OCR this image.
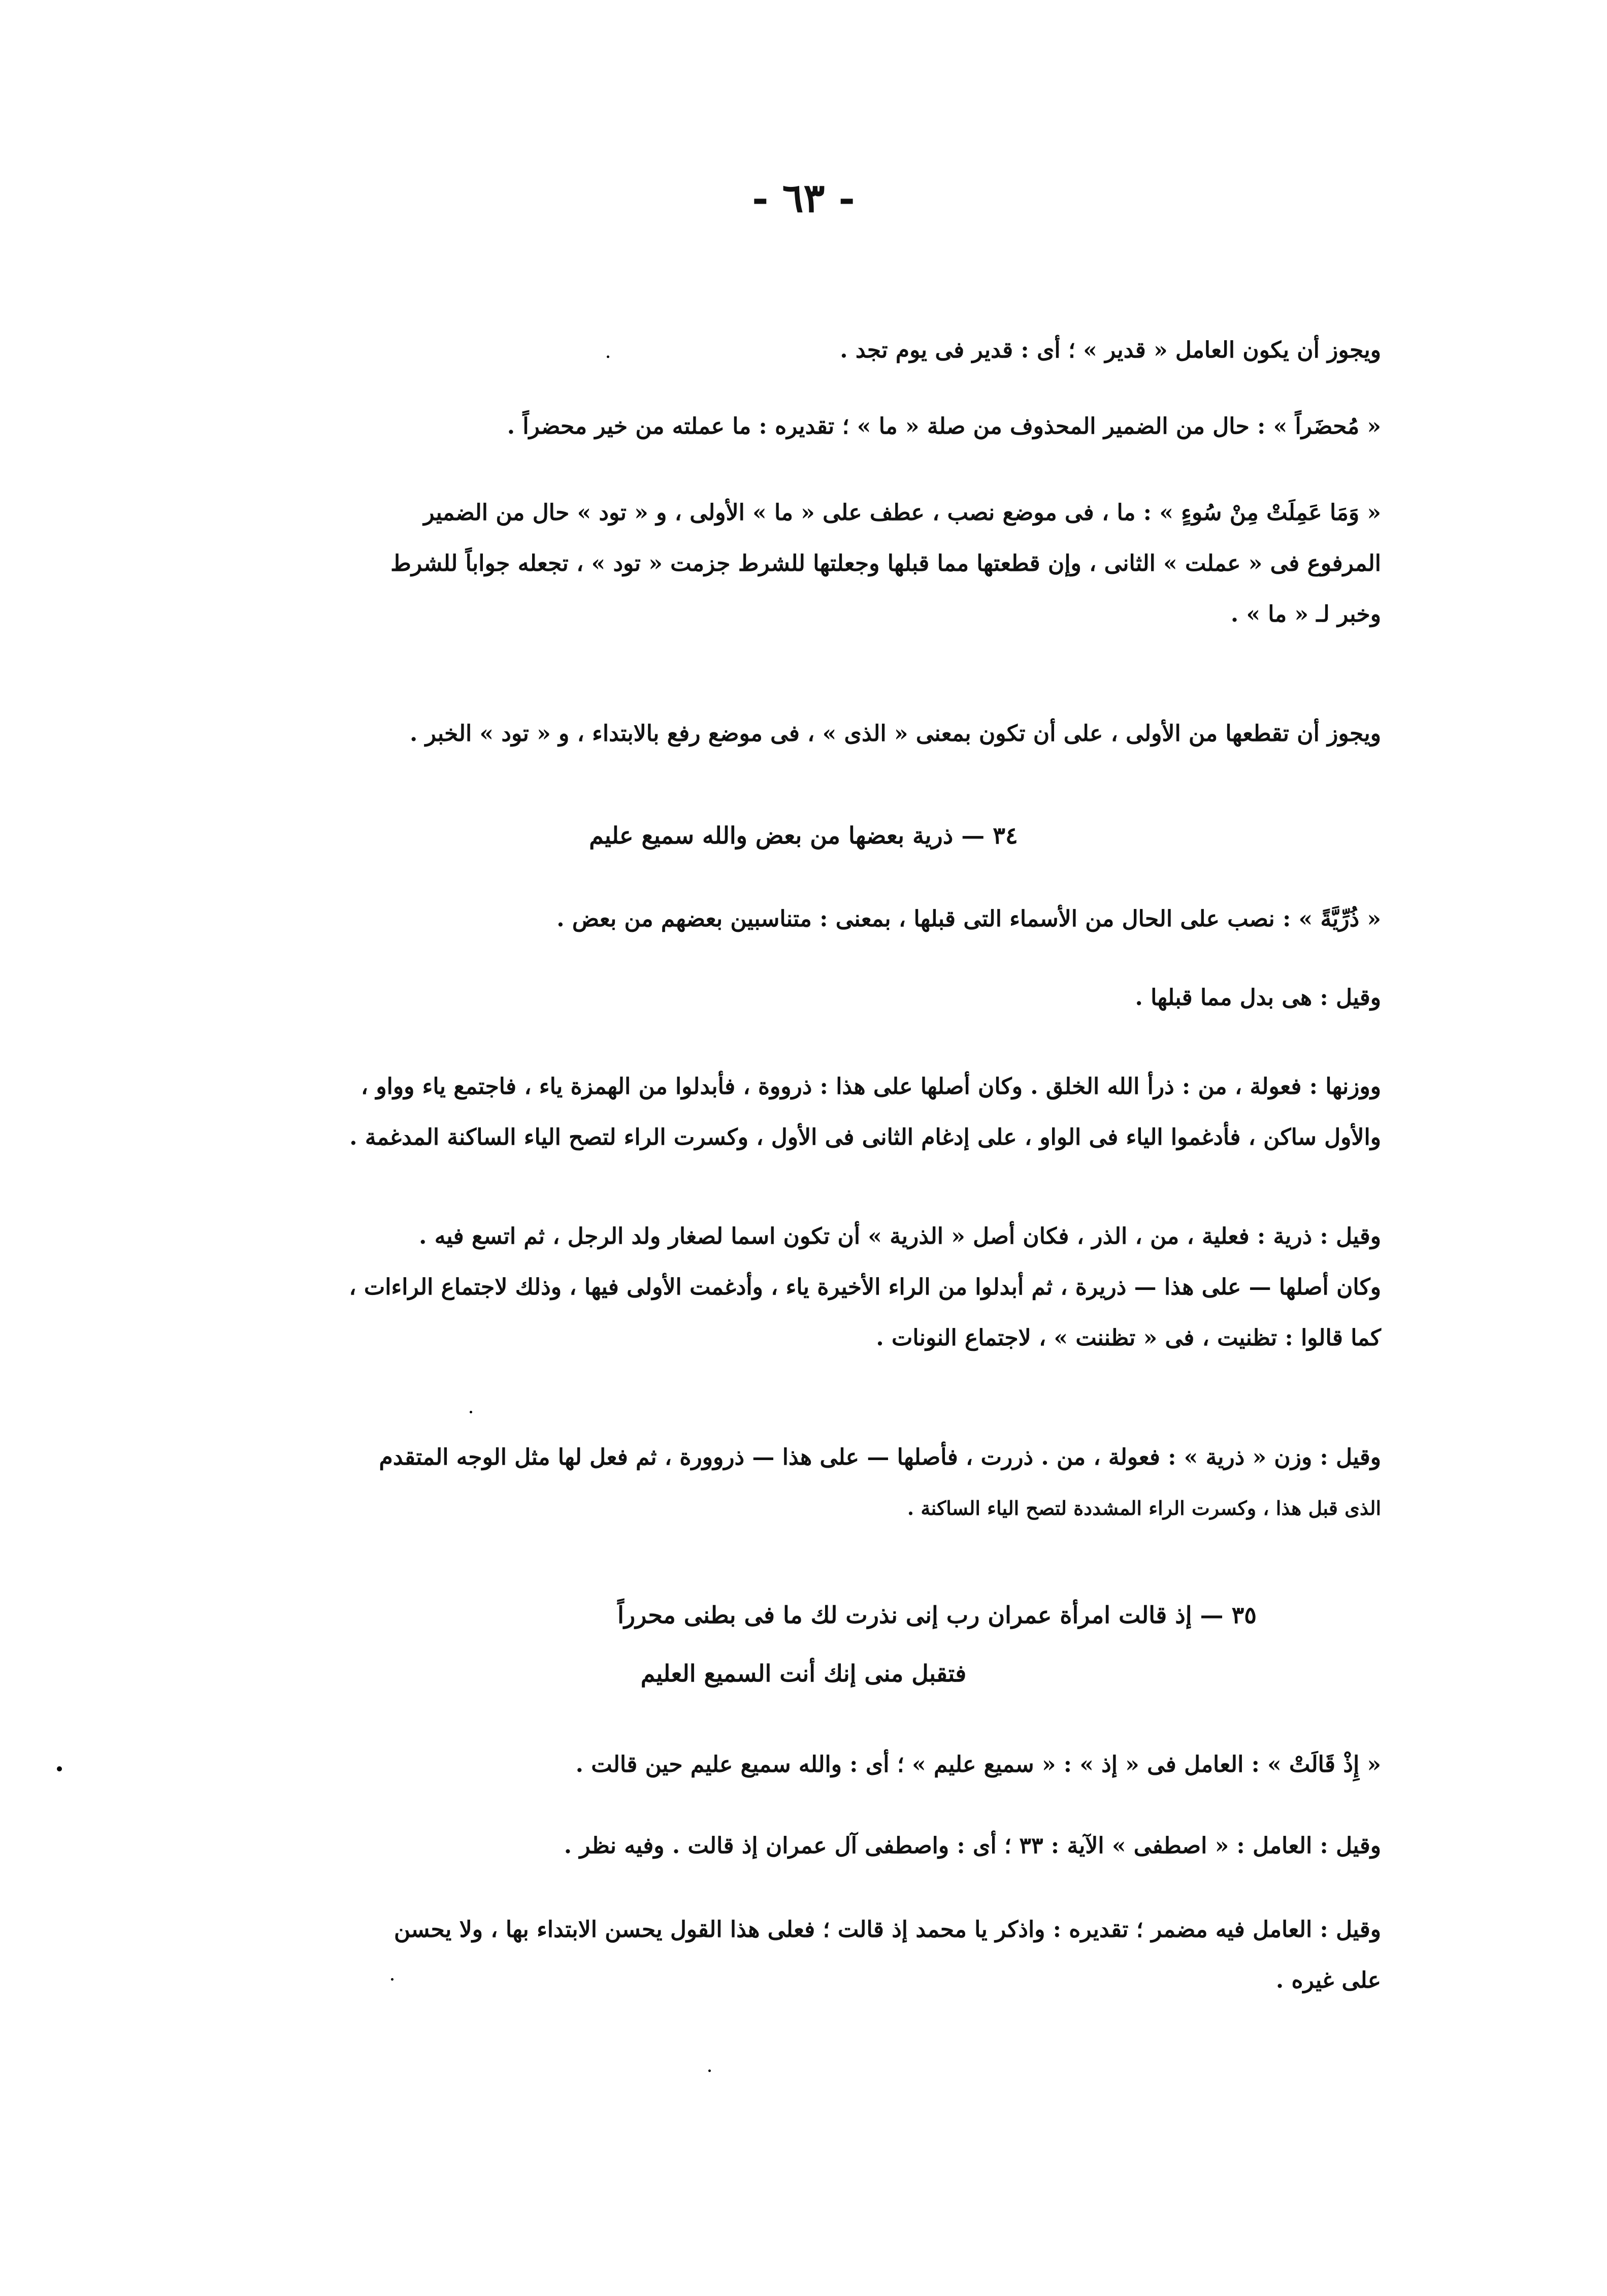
- ٦٣ -

ويجوز أن يكون العامل « قدير » ؛ أى : قدير فى يوم تجد .

« مُحضَراً » : حال من الضمير المحذوف من صلة « ما » ؛ تقديره : ما عملته من خير محضراً .

« وَمَا عَمِلَتْ مِنْ سُوءٍ » : ما ، فى موضع نصب ، عطف على « ما » الأولى ، و « تود » حال من الضمير

المرفوع فى « عملت » الثانى ، وإن قطعتها مما قبلها وجعلتها للشرط جزمت « تود » ، تجعله جواباً للشرط

وخبر لـ « ما » .

ويجوز أن تقطعها من الأولى ، على أن تكون بمعنى « الذى » ، فى موضع رفع بالابتداء ، و « تود » الخبر .

٣٤ — ذرية بعضها من بعض والله سميع عليم

« ذُرِّيَّةً » : نصب على الحال من الأسماء التى قبلها ، بمعنى : متناسبين بعضهم من بعض .

وقيل : هى بدل مما قبلها .

ووزنها : فعولة ، من : ذرأ الله الخلق . وكان أصلها على هذا : ذرووة ، فأبدلوا من الهمزة ياء ، فاجتمع ياء وواو ،

والأول ساكن ، فأدغموا الياء فى الواو ، على إدغام الثانى فى الأول ، وكسرت الراء لتصح الياء الساكنة المدغمة .

وقيل : ذرية : فعلية ، من ، الذر ، فكان أصل « الذرية » أن تكون اسما لصغار ولد الرجل ، ثم اتسع فيه .

وكان أصلها — على هذا — ذريرة ، ثم أبدلوا من الراء الأخيرة ياء ، وأدغمت الأولى فيها ، وذلك لاجتماع الراءات ،

كما قالوا : تظنيت ، فى « تظننت » ، لاجتماع النونات .

وقيل : وزن « ذرية » : فعولة ، من . ذررت ، فأصلها — على هذا — ذروورة ، ثم فعل لها مثل الوجه المتقدم

الذى قبل هذا ، وكسرت الراء المشددة لتصح الياء الساكنة .

٣٥ — إذ قالت امرأة عمران رب إنى نذرت لك ما فى بطنى محرراً
فتقبل منى إنك أنت السميع العليم

« إِذْ قَالَتْ » : العامل فى « إذ » : « سميع عليم » ؛ أى : والله سميع عليم حين قالت .

وقيل : العامل : « اصطفى » الآية : ٣٣ ؛ أى : واصطفى آل عمران إذ قالت . وفيه نظر .

وقيل : العامل فيه مضمر ؛ تقديره : واذكر يا محمد إذ قالت ؛ فعلى هذا القول يحسن الابتداء بها ، ولا يحسن

على غيره .
